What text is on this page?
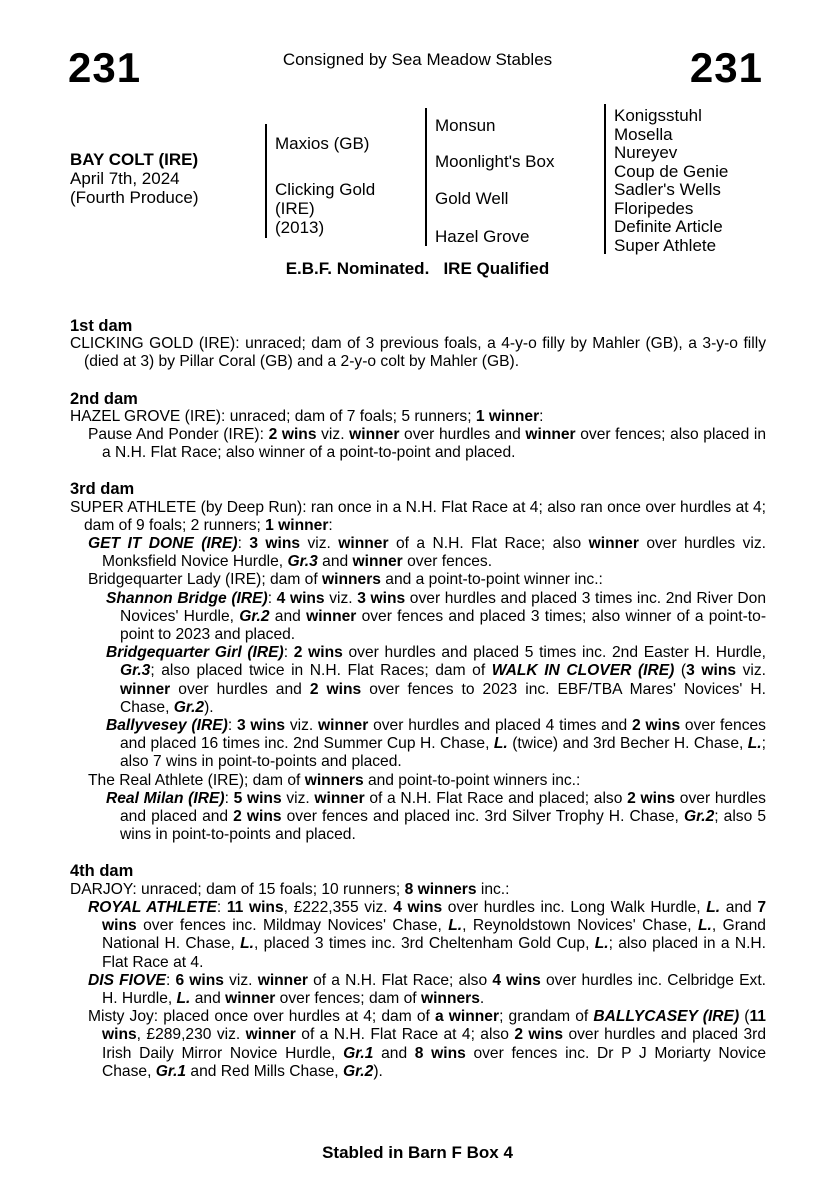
231	Consigned by Sea Meadow Stables	231
BAY COLT (IRE)
April 7th, 2024
(Fourth Produce)
Maxios (GB)
Clicking Gold
(IRE)
(2013)
Monsun
Moonlight's Box
Gold Well
Hazel Grove
Konigsstuhl
Mosella
Nureyev
Coup de Genie
Sadler's Wells
Floripedes
Definite Article
Super Athlete
E.B.F. Nominated.   IRE Qualified
1st dam
CLICKING GOLD (IRE): unraced; dam of 3 previous foals, a 4-y-o filly by Mahler (GB), a 3-y-o filly (died at 3) by Pillar Coral (GB) and a 2-y-o colt by Mahler (GB).
2nd dam
HAZEL GROVE (IRE): unraced; dam of 7 foals; 5 runners; 1 winner:
Pause And Ponder (IRE): 2 wins viz. winner over hurdles and winner over fences; also placed in a N.H. Flat Race; also winner of a point-to-point and placed.
3rd dam
SUPER ATHLETE (by Deep Run): ran once in a N.H. Flat Race at 4; also ran once over hurdles at 4; dam of 9 foals; 2 runners; 1 winner:
GET IT DONE (IRE): 3 wins viz. winner of a N.H. Flat Race; also winner over hurdles viz. Monksfield Novice Hurdle, Gr.3 and winner over fences.
Bridgequarter Lady (IRE); dam of winners and a point-to-point winner inc.:
Shannon Bridge (IRE): 4 wins viz. 3 wins over hurdles and placed 3 times inc. 2nd River Don Novices' Hurdle, Gr.2 and winner over fences and placed 3 times; also winner of a point-to-point to 2023 and placed.
Bridgequarter Girl (IRE): 2 wins over hurdles and placed 5 times inc. 2nd Easter H. Hurdle, Gr.3; also placed twice in N.H. Flat Races; dam of WALK IN CLOVER (IRE) (3 wins viz. winner over hurdles and 2 wins over fences to 2023 inc. EBF/TBA Mares' Novices' H. Chase, Gr.2).
Ballyvesey (IRE): 3 wins viz. winner over hurdles and placed 4 times and 2 wins over fences and placed 16 times inc. 2nd Summer Cup H. Chase, L. (twice) and 3rd Becher H. Chase, L.; also 7 wins in point-to-points and placed.
The Real Athlete (IRE); dam of winners and point-to-point winners inc.:
Real Milan (IRE): 5 wins viz. winner of a N.H. Flat Race and placed; also 2 wins over hurdles and placed and 2 wins over fences and placed inc. 3rd Silver Trophy H. Chase, Gr.2; also 5 wins in point-to-points and placed.
4th dam
DARJOY: unraced; dam of 15 foals; 10 runners; 8 winners inc.:
ROYAL ATHLETE: 11 wins, £222,355 viz. 4 wins over hurdles inc. Long Walk Hurdle, L. and 7 wins over fences inc. Mildmay Novices' Chase, L., Reynoldstown Novices' Chase, L., Grand National H. Chase, L., placed 3 times inc. 3rd Cheltenham Gold Cup, L.; also placed in a N.H. Flat Race at 4.
DIS FIOVE: 6 wins viz. winner of a N.H. Flat Race; also 4 wins over hurdles inc. Celbridge Ext. H. Hurdle, L. and winner over fences; dam of winners.
Misty Joy: placed once over hurdles at 4; dam of a winner; grandam of BALLYCASEY (IRE) (11 wins, £289,230 viz. winner of a N.H. Flat Race at 4; also 2 wins over hurdles and placed 3rd Irish Daily Mirror Novice Hurdle, Gr.1 and 8 wins over fences inc. Dr P J Moriarty Novice Chase, Gr.1 and Red Mills Chase, Gr.2).
Stabled in Barn F Box 4
